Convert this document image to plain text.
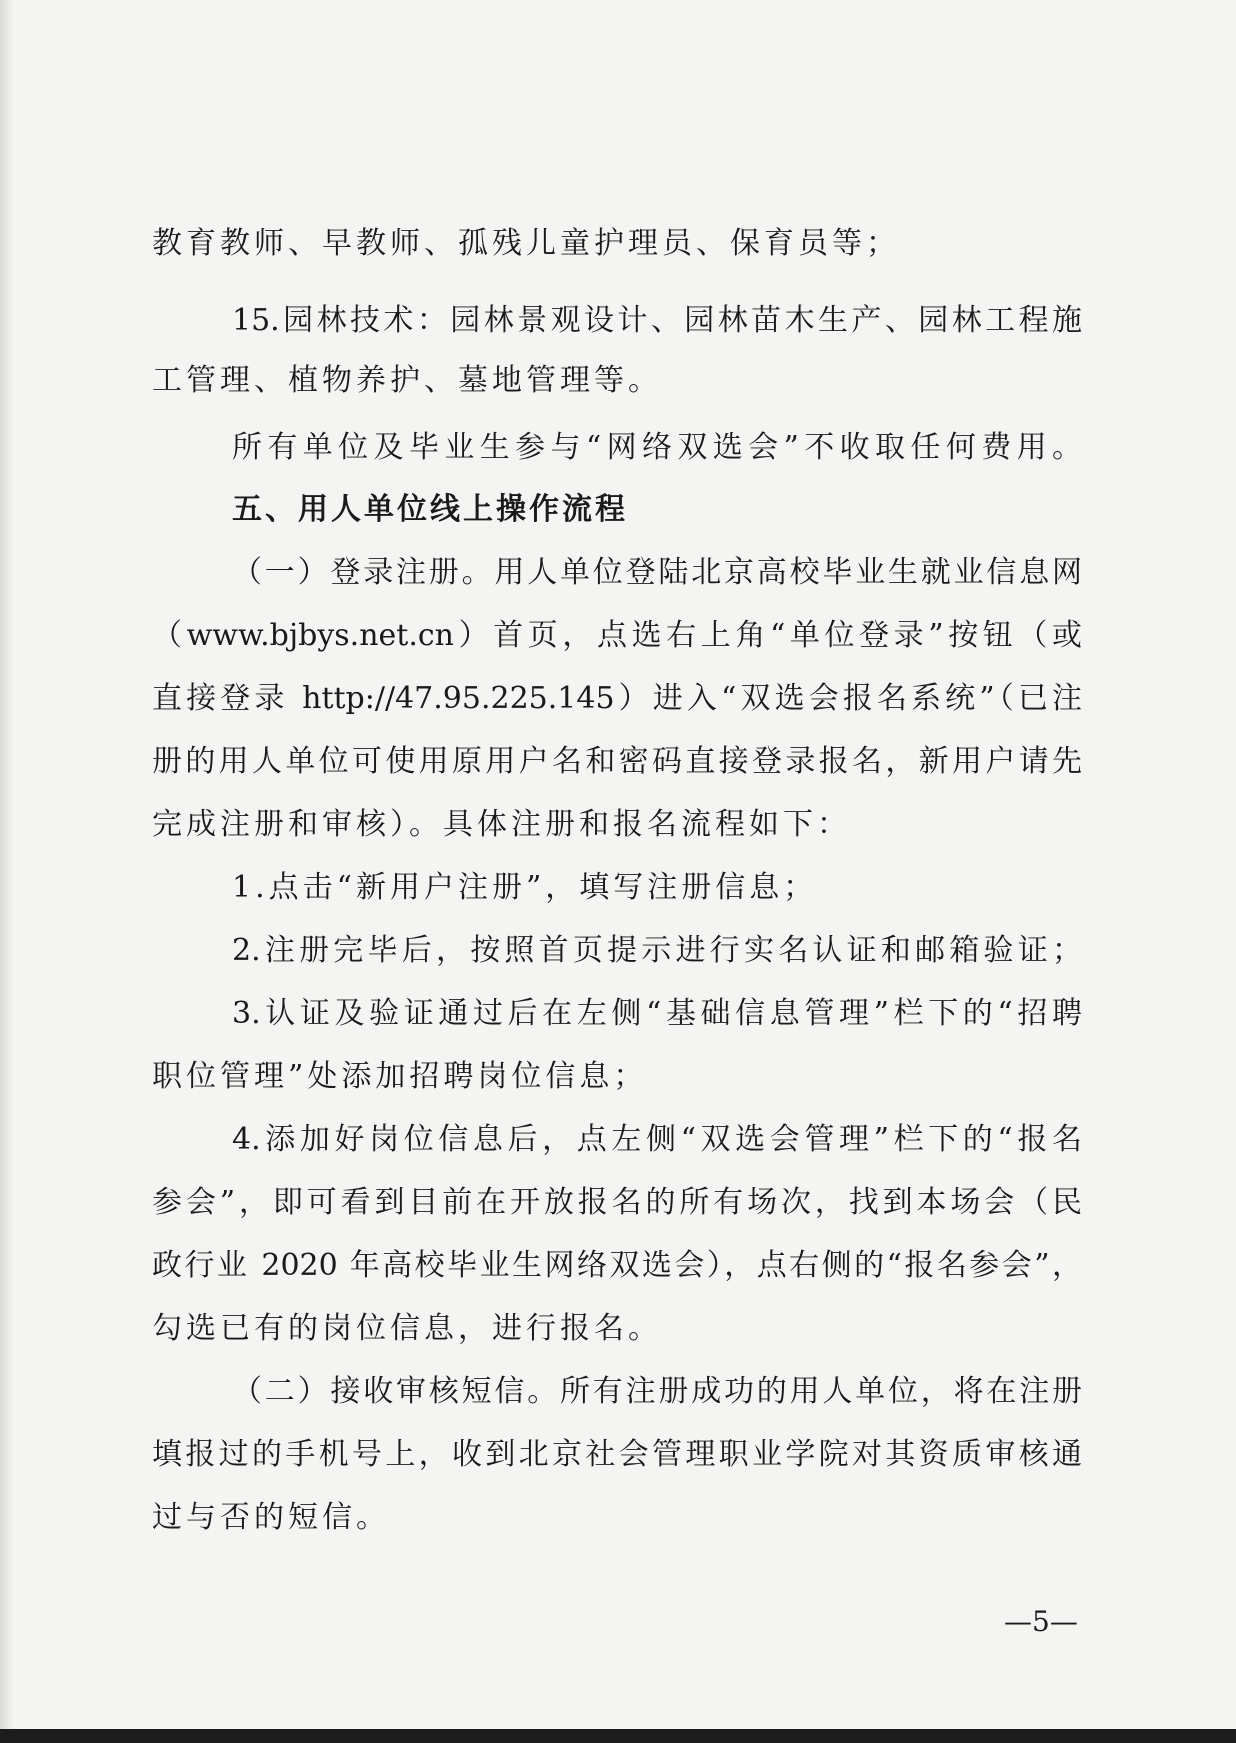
教育教师、早教师、孤残儿童护理员、保育员等；
15.园林技术：园林景观设计、园林苗木生产、园林工程施
工管理、植物养护、墓地管理等。
所有单位及毕业生参与“网络双选会”不收取任何费用。
五、用人单位线上操作流程
（一）登录注册。用人单位登陆北京高校毕业生就业信息网
（www.bjbys.net.cn）首页，点选右上角“单位登录”按钮（或
直接登录 http://47.95.225.145）进入“双选会报名系统”（已注
册的用人单位可使用原用户名和密码直接登录报名，新用户请先
完成注册和审核）。具体注册和报名流程如下：
1.点击“新用户注册”，填写注册信息；
2.注册完毕后，按照首页提示进行实名认证和邮箱验证；
3.认证及验证通过后在左侧“基础信息管理”栏下的“招聘
职位管理”处添加招聘岗位信息；
4.添加好岗位信息后，点左侧“双选会管理”栏下的“报名
参会”，即可看到目前在开放报名的所有场次，找到本场会（民
政行业 2020 年高校毕业生网络双选会），点右侧的“报名参会”，
勾选已有的岗位信息，进行报名。
（二）接收审核短信。所有注册成功的用人单位，将在注册
填报过的手机号上，收到北京社会管理职业学院对其资质审核通
过与否的短信。
—5—
